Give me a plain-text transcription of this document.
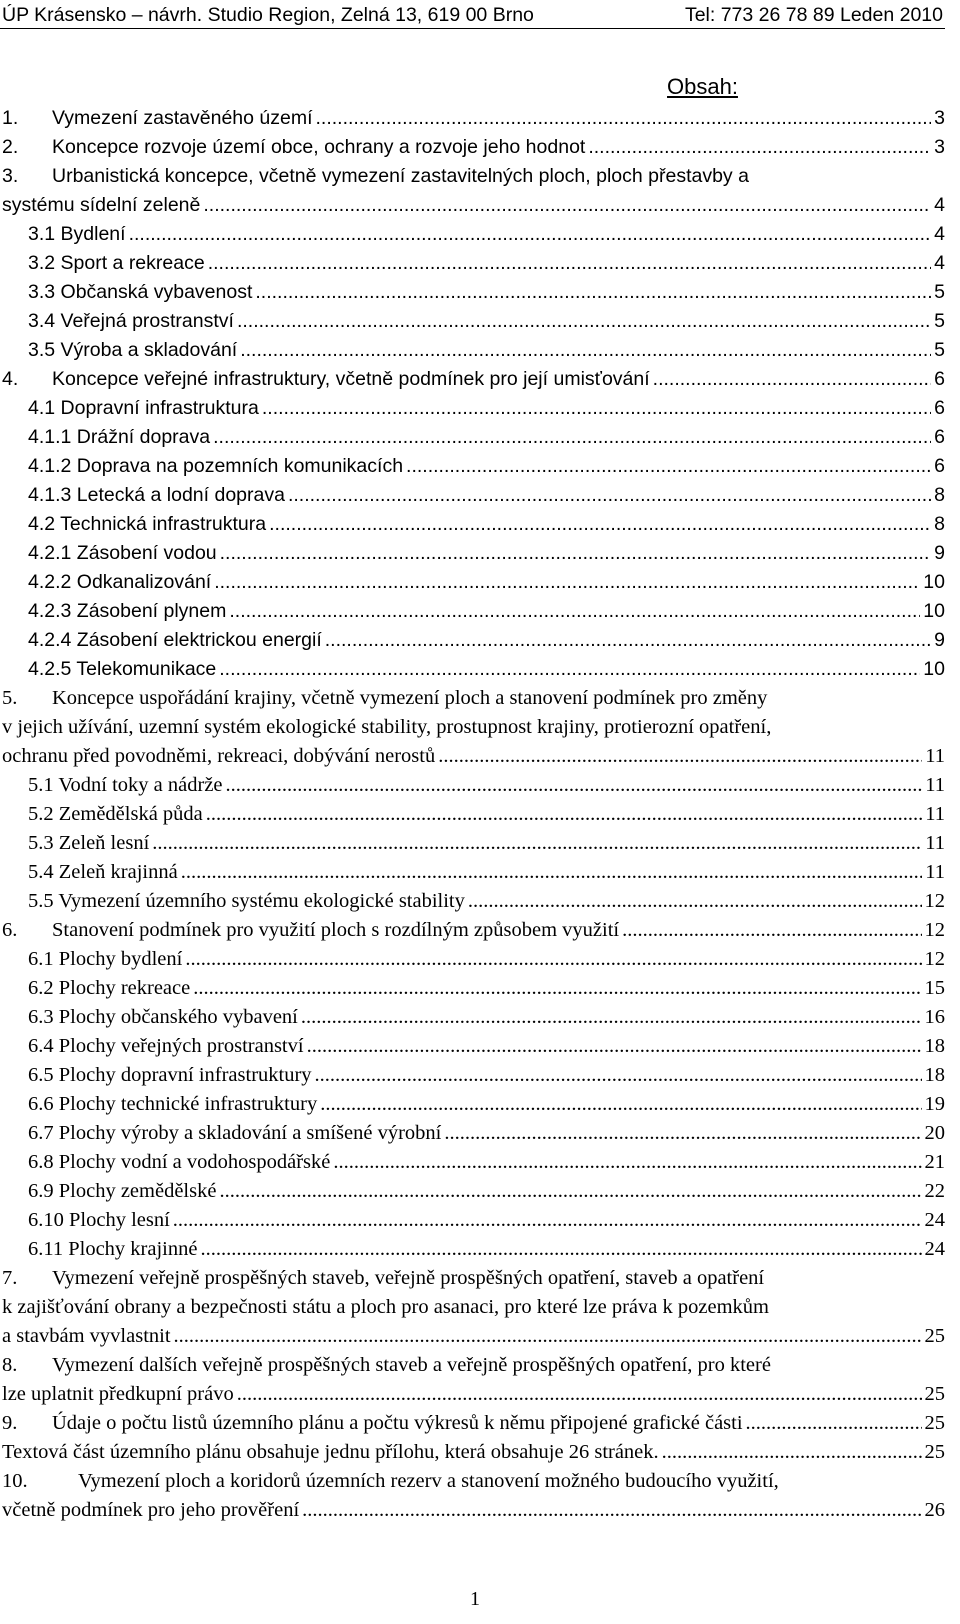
ÚP Krásensko – návrh. Studio Region, Zelná 13, 619 00 Brno	Tel: 773 26 78 89 Leden 2010
Obsah:
1. Vymezení zastavěného území	3
.....
2. Koncepce rozvoje území obce, ochrany a rozvoje jeho hodnot	3
.....
3. Urbanistická koncepce, včetně vymezení zastavitelných ploch, ploch přestavby a
systému sídelní zeleně	4
.....
3.1 Bydlení	4
.....
3.2 Sport a rekreace	4
.....
3.3 Občanská vybavenost	5
.....
3.4 Veřejná prostranství	5
.....
3.5 Výroba a skladování	5
.....
4. Koncepce veřejné infrastruktury, včetně podmínek pro její umisťování	6
.....
4.1 Dopravní infrastruktura	6
.....
4.1.1 Drážní doprava	6
.....
4.1.2 Doprava na pozemních komunikacích	6
.....
4.1.3 Letecká a lodní doprava	8
.....
4.2 Technická infrastruktura	8
.....
4.2.1 Zásobení vodou	9
.....
4.2.2 Odkanalizování	10
.....
4.2.3 Zásobení plynem	10
.....
4.2.4 Zásobení elektrickou energií	9
.....
4.2.5 Telekomunikace	10
.....
5. Koncepce uspořádání krajiny, včetně vymezení ploch a stanovení podmínek pro změny
v jejich užívání, uzemní systém ekologické stability, prostupnost krajiny, protierozní opatření,
ochranu před povodněmi, rekreaci, dobývání nerostů	11
.....
5.1 Vodní toky a nádrže	11
.....
5.2 Zemědělská půda	11
.....
5.3 Zeleň lesní	11
.....
5.4 Zeleň krajinná	11
.....
5.5 Vymezení územního systému ekologické stability	12
.....
6. Stanovení podmínek pro využití ploch s rozdílným způsobem využití	12
.....
6.1 Plochy bydlení	12
.....
6.2 Plochy rekreace	15
.....
6.3 Plochy občanského vybavení	16
.....
6.4 Plochy veřejných prostranství	18
.....
6.5 Plochy dopravní infrastruktury	18
.....
6.6 Plochy technické infrastruktury	19
.....
6.7 Plochy výroby a skladování a smíšené výrobní	20
.....
6.8 Plochy vodní a vodohospodářské	21
.....
6.9 Plochy zemědělské	22
.....
6.10 Plochy lesní	24
.....
6.11 Plochy krajinné	24
.....
7. Vymezení veřejně prospěšných staveb, veřejně prospěšných opatření, staveb a opatření
k zajišťování obrany a bezpečnosti státu a ploch pro asanaci, pro které lze práva k pozemkům
a stavbám vyvlastnit	25
.....
8. Vymezení dalších veřejně prospěšných staveb a veřejně prospěšných opatření, pro které
lze uplatnit předkupní právo	25
.....
9. Údaje o počtu listů územního plánu a počtu výkresů k němu připojené grafické části	25
.....
Textová část územního plánu obsahuje jednu přílohu, která obsahuje 26 stránek.	25
.....
10. Vymezení ploch a koridorů územních rezerv a stanovení možného budoucího využití,
včetně podmínek pro jeho prověření	26
.....
1
